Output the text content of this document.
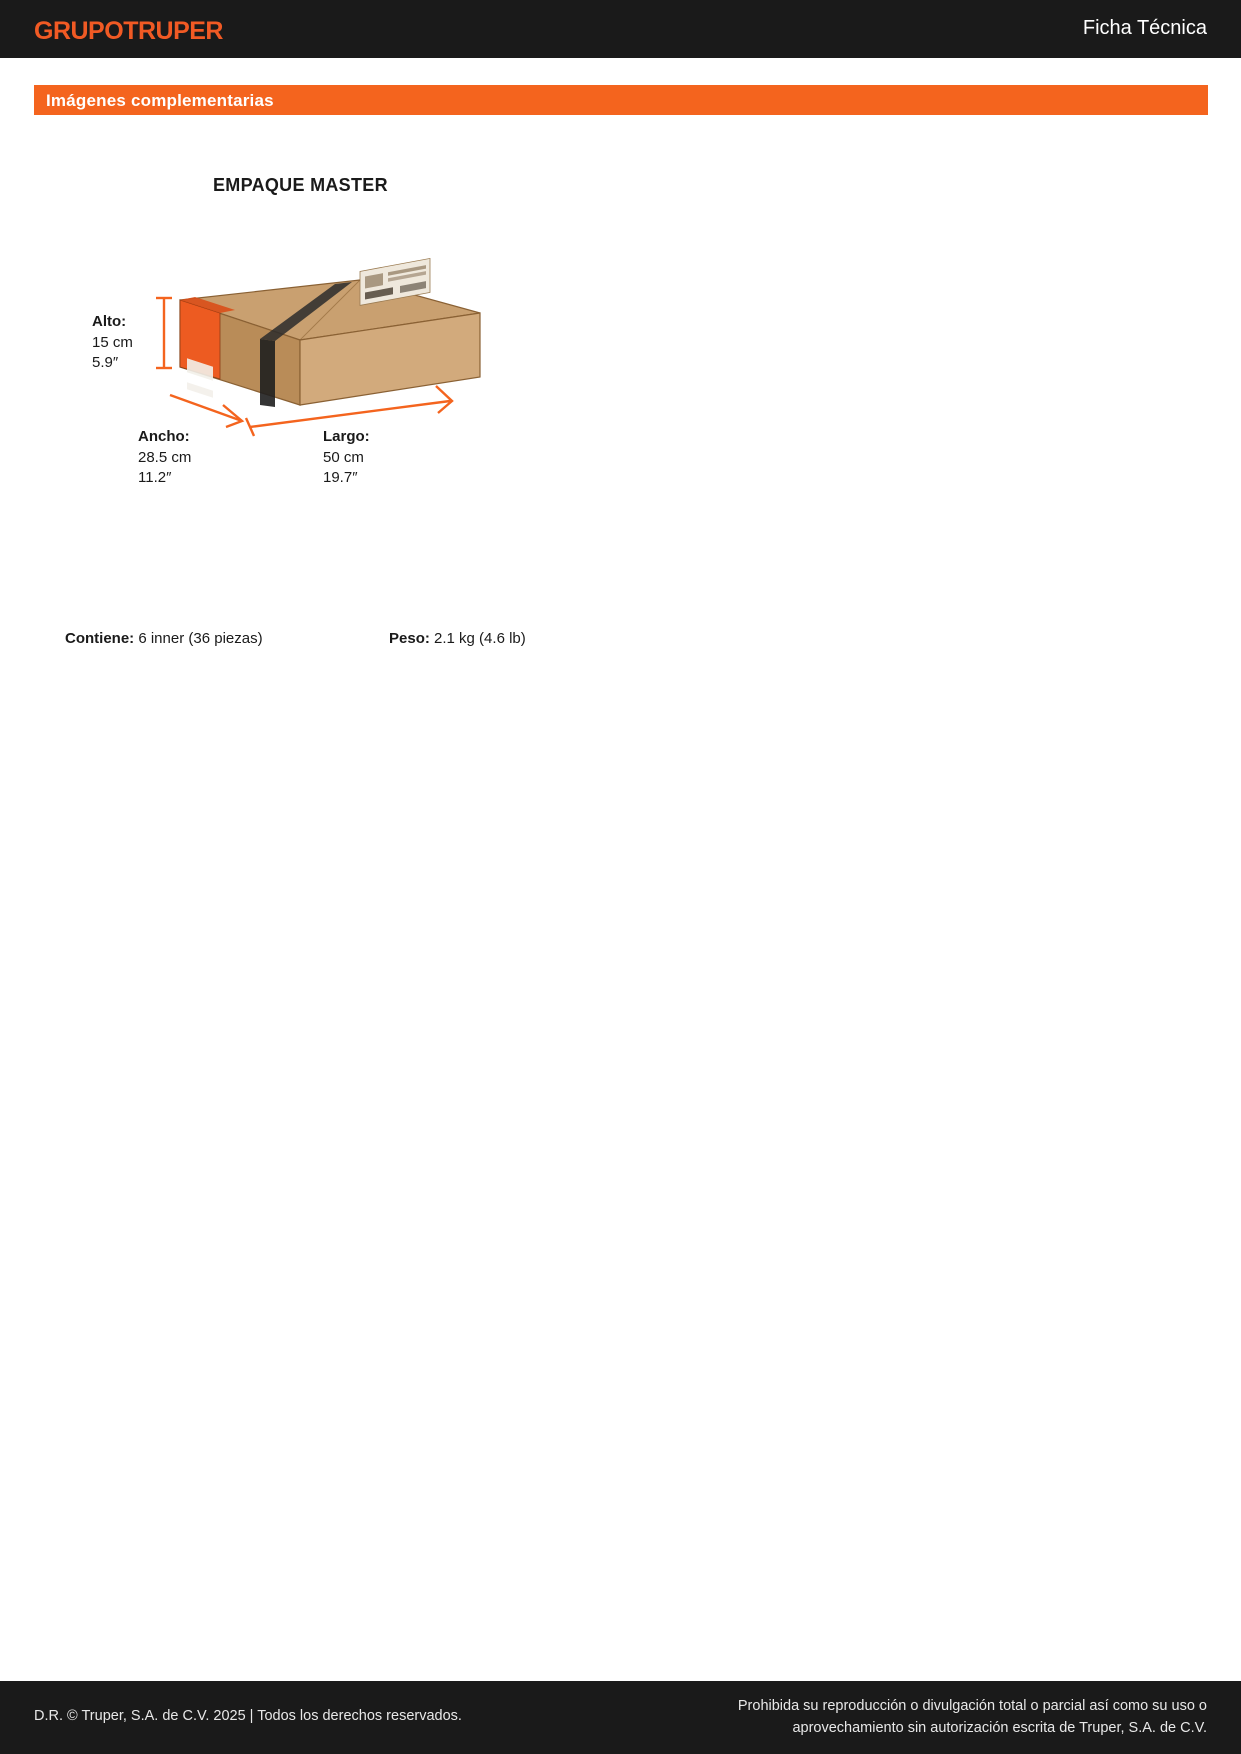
GRUPOTRUPER	Ficha Técnica
Imágenes complementarias
EMPAQUE MASTER
Alto:
15 cm
5.9″
Ancho:
28.5 cm
11.2″
Largo:
50 cm
19.7″
Contiene: 6 inner (36 piezas)	Peso: 2.1 kg (4.6 lb)
D.R. © Truper, S.A. de C.V. 2025 | Todos los derechos reservados.
Prohibida su reproducción o divulgación total o parcial así como su uso o
aprovechamiento sin autorización escrita de Truper, S.A. de C.V.
